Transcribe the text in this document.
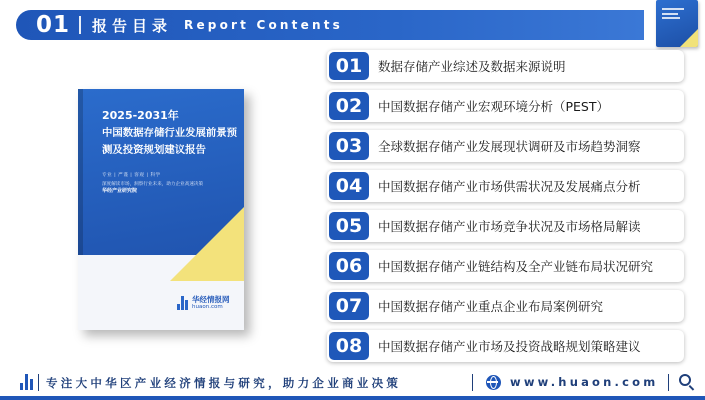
01 报告目录 Report Contents
2025-2031年
中国数据存储行业发展前景预测及投资规划建议报告
专业 | 严谨 | 客观 | 科学
深度解读市场，洞察行业未来，助力企业高速决策
华经产业研究院
华经情报网
huaon.com
01	数据存储产业综述及数据来源说明
02	中国数据存储产业宏观环境分析（PEST）
03	全球数据存储产业发展现状调研及市场趋势洞察
04	中国数据存储产业市场供需状况及发展痛点分析
05	中国数据存储产业市场竞争状况及市场格局解读
06	中国数据存储产业链结构及全产业链布局状况研究
07	中国数据存储产业重点企业布局案例研究
08	中国数据存储产业市场及投资战略规划策略建议
专注大中华区产业经济情报与研究，助力企业商业决策	www.huaon.com
